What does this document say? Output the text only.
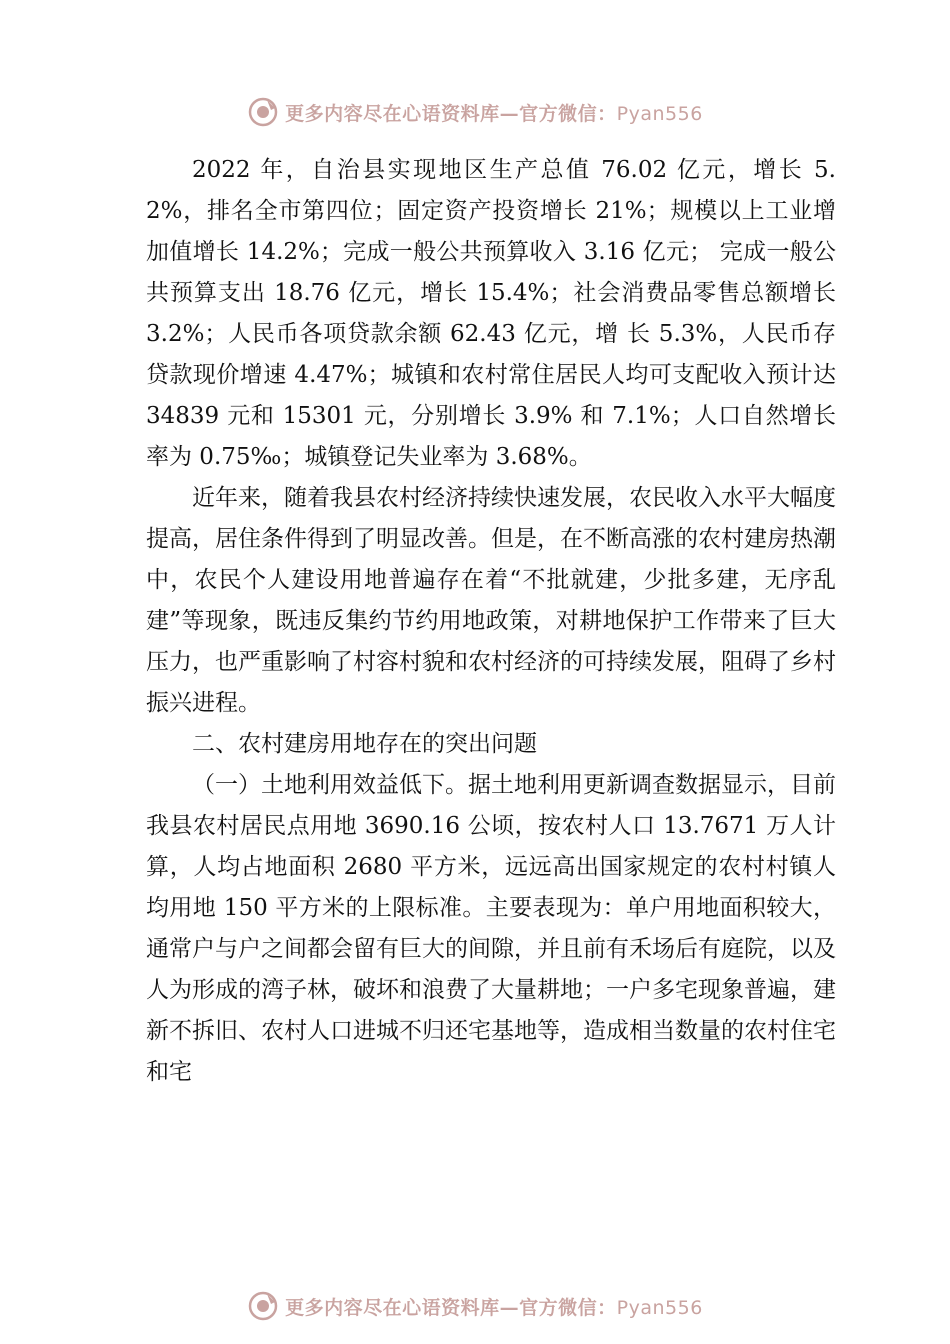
更多内容尽在心语资料库—官方微信：Pyan556

2022 年，自治县实现地区生产总值 76.02 亿元，增长 5.2%，排名全市第四位；固定资产投资增长 21%；规模以上工业增加值增长 14.2%；完成一般公共预算收入 3.16 亿元； 完成一般公共预算支出 18.76 亿元，增长 15.4%；社会消费品零售总额增长 3.2%；人民币各项贷款余额 62.43 亿元，增 长 5.3%，人民币存贷款现价增速 4.47%；城镇和农村常住居民人均可支配收入预计达 34839 元和 15301 元，分别增长 3.9% 和 7.1%；人口自然增长率为 0.75‰；城镇登记失业率为 3.68%。

近年来，随着我县农村经济持续快速发展，农民收入水平大幅度提高，居住条件得到了明显改善。但是，在不断高涨的农村建房热潮中，农民个人建设用地普遍存在着“不批就建，少批多建，无序乱建”等现象，既违反集约节约用地政策，对耕地保护工作带来了巨大压力，也严重影响了村容村貌和农村经济的可持续发展，阻碍了乡村振兴进程。

二、农村建房用地存在的突出问题

（一）土地利用效益低下。据土地利用更新调查数据显示，目前我县农村居民点用地 3690.16 公顷，按农村人口 13.7671 万人计算，人均占地面积 2680 平方米，远远高出国家规定的农村村镇人均用地 150 平方米的上限标准。主要表现为：单户用地面积较大，通常户与户之间都会留有巨大的间隙，并且前有禾场后有庭院，以及人为形成的湾子林，破坏和浪费了大量耕地；一户多宅现象普遍，建新不拆旧、农村人口进城不归还宅基地等，造成相当数量的农村住宅和宅

更多内容尽在心语资料库—官方微信：Pyan556
